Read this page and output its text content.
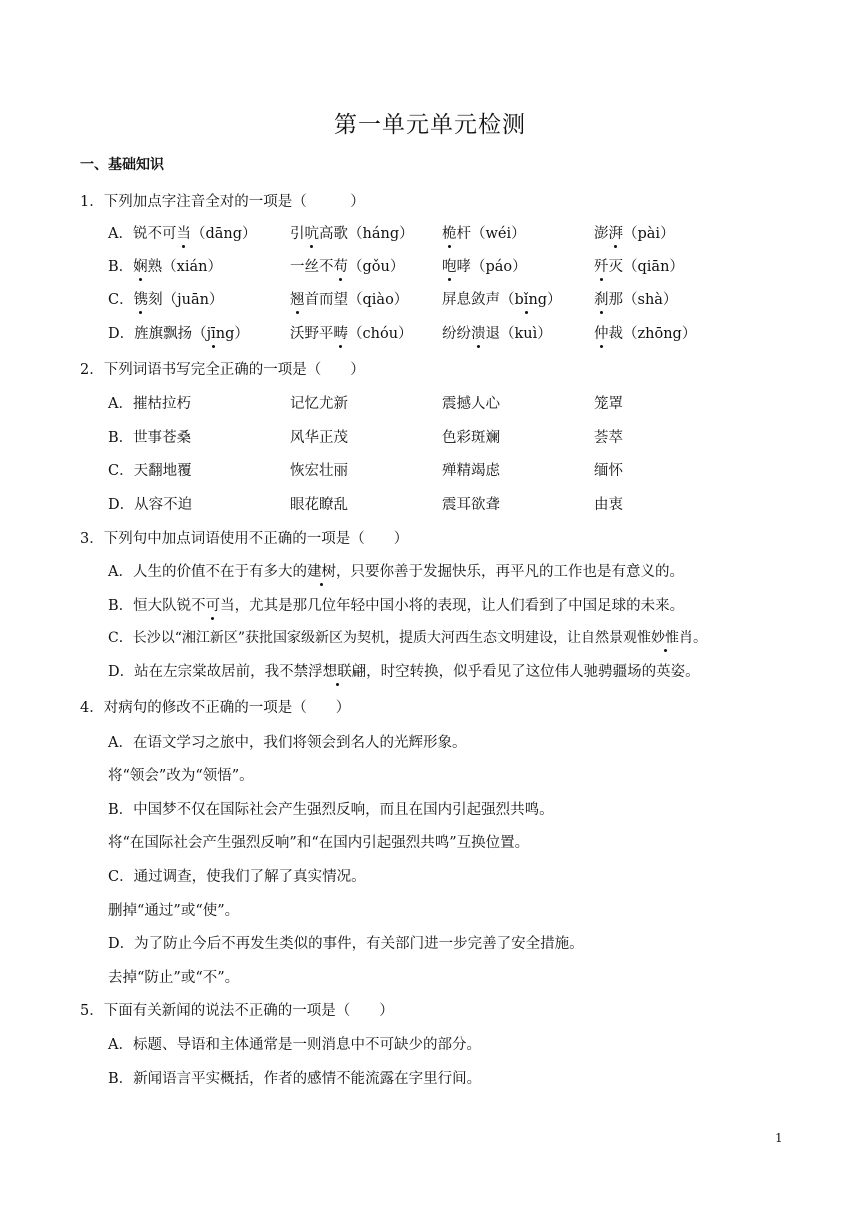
第一单元单元检测
一、基础知识
1．下列加点字注音全对的一项是（　　　）
A．锐不可当（dāng） 引吭高歌（háng） 桅杆（wéi）	澎湃（pài）
B．娴熟（xián）	一丝不苟（gǒu）	咆哮（páo）	歼灭（qiān）
C．镌刻（juān）	翘首而望（qiào） 屏息敛声（bǐng） 刹那（shà）
D．旌旗飘扬（jīng）	沃野平畴（chóu） 纷纷溃退（kuì）	仲裁（zhōng）
2．下列词语书写完全正确的一项是（　　）
A．摧枯拉朽	记忆尤新	震撼人心	笼罩
B．世事苍桑	风华正茂	色彩斑斓	荟萃
C．天翻地覆	恢宏壮丽	殚精竭虑	缅怀
D．从容不迫	眼花瞭乱	震耳欲聋	由衷
3．下列句中加点词语使用不正确的一项是（　　）
A．人生的价值不在于有多大的建树，只要你善于发掘快乐，再平凡的工作也是有意义的。
B．恒大队锐不可当，尤其是那几位年轻中国小将的表现，让人们看到了中国足球的未来。
C．长沙以“湘江新区”获批国家级新区为契机，提质大河西生态文明建设，让自然景观惟妙惟肖。
D．站在左宗棠故居前，我不禁浮想联翩，时空转换，似乎看见了这位伟人驰骋疆场的英姿。
4．对病句的修改不正确的一项是（　　）
A．在语文学习之旅中，我们将领会到名人的光辉形象。
将“领会”改为“领悟”。
B．中国梦不仅在国际社会产生强烈反响，而且在国内引起强烈共鸣。
将“在国际社会产生强烈反响”和“在国内引起强烈共鸣”互换位置。
C．通过调查，使我们了解了真实情况。
删掉“通过”或“使”。
D．为了防止今后不再发生类似的事件，有关部门进一步完善了安全措施。
去掉“防止”或“不”。
5．下面有关新闻的说法不正确的一项是（　　）
A．标题、导语和主体通常是一则消息中不可缺少的部分。
B．新闻语言平实概括，作者的感情不能流露在字里行间。
1
